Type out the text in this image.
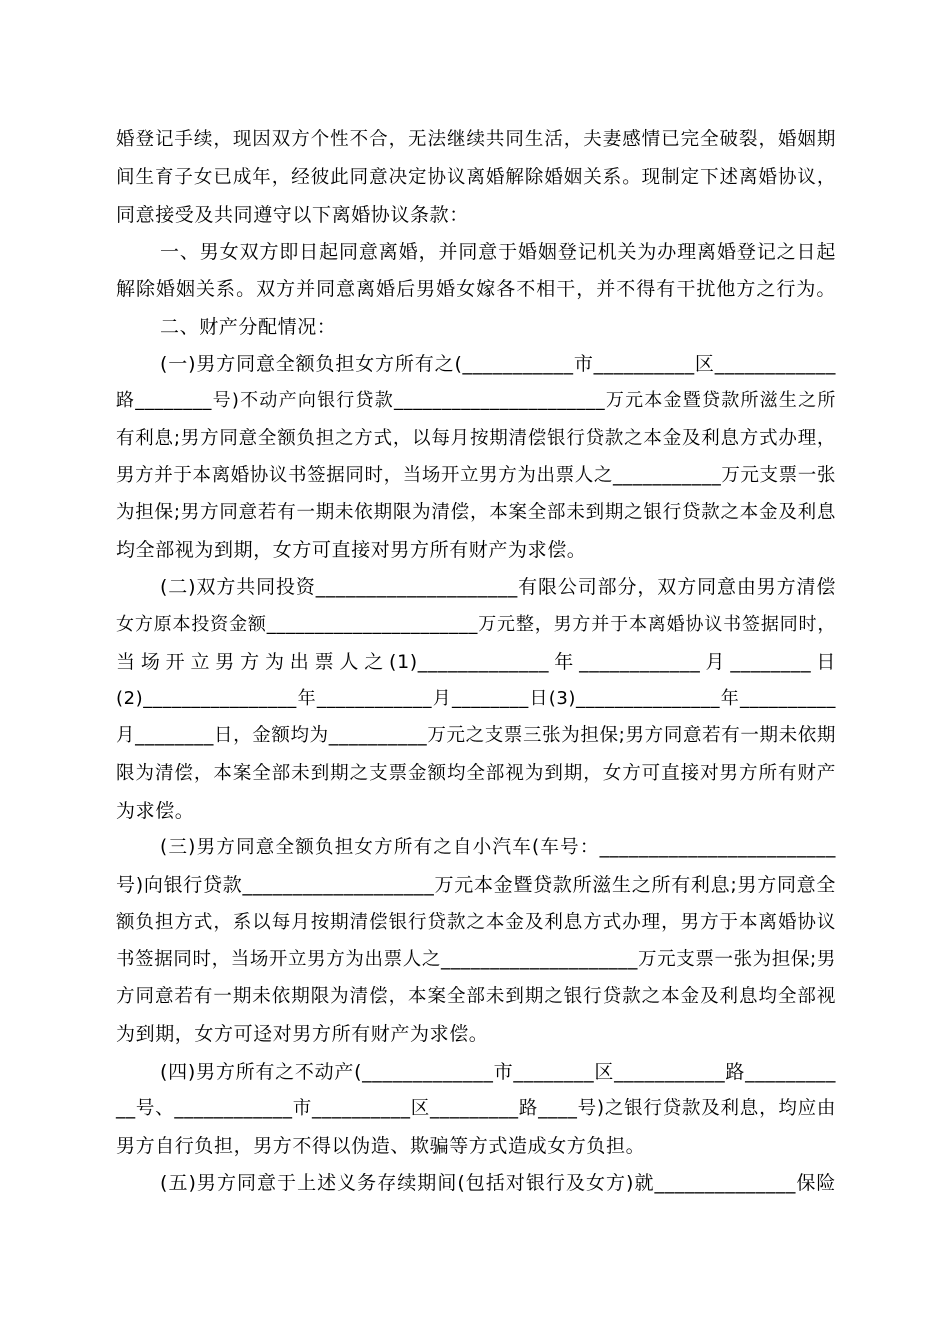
婚登记手续，现因双方个性不合，无法继续共同生活，夫妻感情已完全破裂，婚姻期
间生育子女已成年，经彼此同意决定协议离婚解除婚姻关系。现制定下述离婚协议，
同意接受及共同遵守以下离婚协议条款：
一、男女双方即日起同意离婚，并同意于婚姻登记机关为办理离婚登记之日起
解除婚姻关系。双方并同意离婚后男婚女嫁各不相干，并不得有干扰他方之行为。
二、财产分配情况：
(一)男方同意全额负担女方所有之(___________市__________区____________
路________号)不动产向银行贷款______________________万元本金暨贷款所滋生之所
有利息;男方同意全额负担之方式，以每月按期清偿银行贷款之本金及利息方式办理，
男方并于本离婚协议书签据同时，当场开立男方为出票人之___________万元支票一张
为担保;男方同意若有一期未依期限为清偿，本案全部未到期之银行贷款之本金及利息
均全部视为到期，女方可直接对男方所有财产为求偿。
(二)双方共同投资____________________有限公司部分，双方同意由男方清偿
女方原本投资金额______________________万元整，男方并于本离婚协议书签据同时，
当场开立男方为出票人之(1)_____________年____________月________日
(2)________________年____________月________日(3)_______________年__________
月________日，金额均为__________万元之支票三张为担保;男方同意若有一期未依期
限为清偿，本案全部未到期之支票金额均全部视为到期，女方可直接对男方所有财产
为求偿。
(三)男方同意全额负担女方所有之自小汽车(车号：________________________
号)向银行贷款___________________万元本金暨贷款所滋生之所有利息;男方同意全
额负担方式，系以每月按期清偿银行贷款之本金及利息方式办理，男方于本离婚协议
书签据同时，当场开立男方为出票人之____________________万元支票一张为担保;男
方同意若有一期未依期限为清偿，本案全部未到期之银行贷款之本金及利息均全部视
为到期，女方可迳对男方所有财产为求偿。
(四)男方所有之不动产(_____________市________区___________路_________
__号、____________市__________区_________路____号)之银行贷款及利息，均应由
男方自行负担，男方不得以伪造、欺骗等方式造成女方负担。
(五)男方同意于上述义务存续期间(包括对银行及女方)就______________保险
